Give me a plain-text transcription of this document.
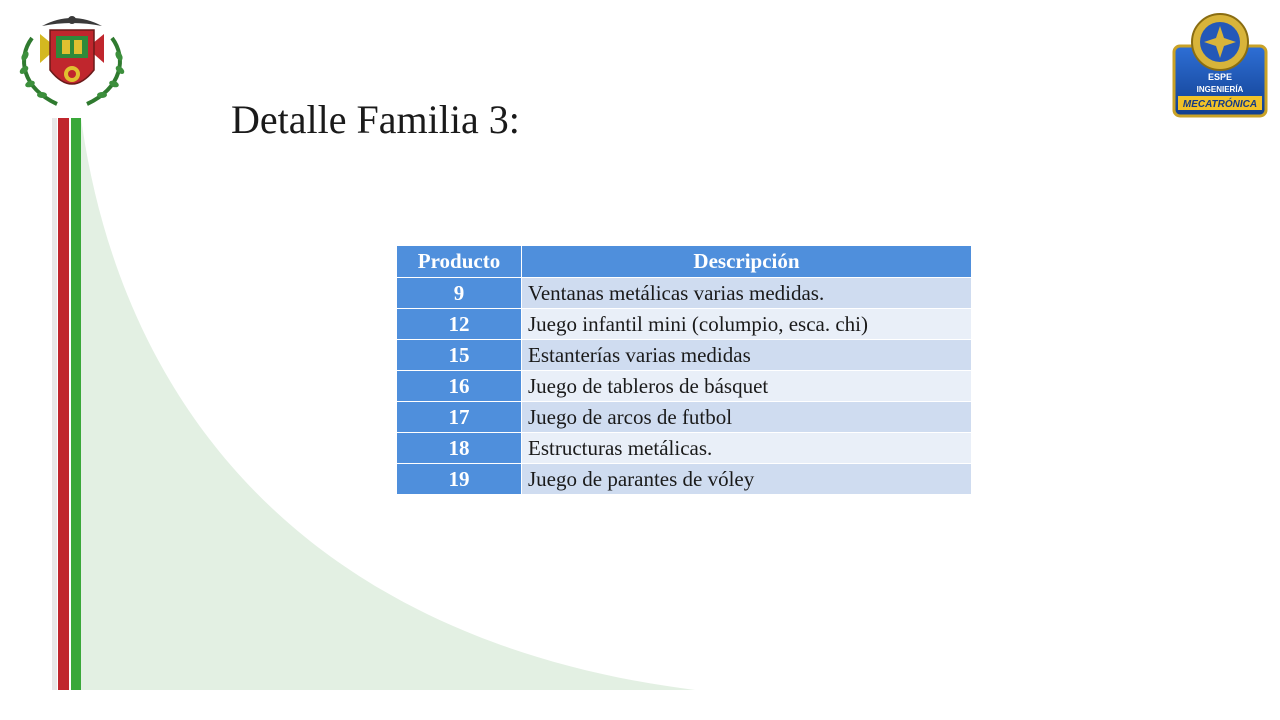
ESPE
INGENIERÍA
MECATRÓNICA
Detalle Familia 3:
Producto	Descripción
9	Ventanas metálicas varias medidas.
12	Juego infantil mini (columpio, esca. chi)
15	Estanterías varias medidas
16	Juego de tableros de básquet
17	Juego de arcos de futbol
18	Estructuras metálicas.
19	Juego de parantes de vóley
